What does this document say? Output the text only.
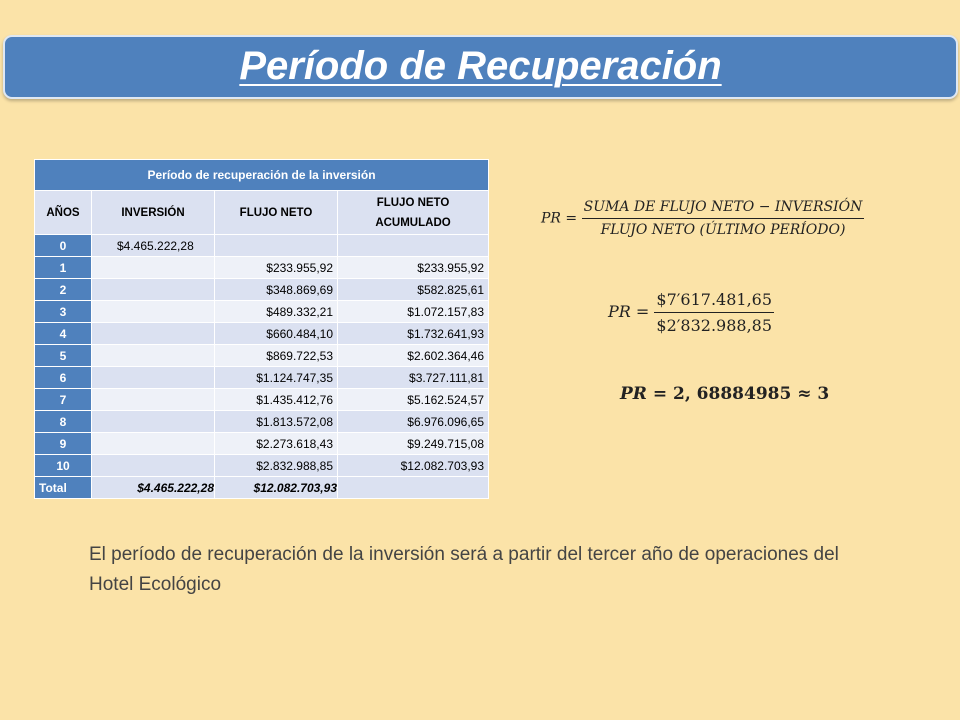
Período de Recuperación
Período de recuperación de la inversión			
AÑOS	INVERSIÓN	FLUJO NETO	FLUJO NETO ACUMULADO
0	$4.465.222,28		
1		$233.955,92	$233.955,92
2		$348.869,69	$582.825,61
3		$489.332,21	$1.072.157,83
4		$660.484,10	$1.732.641,93
5		$869.722,53	$2.602.364,46
6		$1.124.747,35	$3.727.111,81
7		$1.435.412,76	$5.162.524,57
8		$1.813.572,08	$6.976.096,65
9		$2.273.618,43	$9.249.715,08
10		$2.832.988,85	$12.082.703,93
Total	$4.465.222,28	$12.082.703,93	
PR = $\frac{\text{SUMA DE FLUJO NETO − INVERSIÓN}}{\text{FLUJO NETO (ÚLTIMO PERÍODO)}}$
PR = $\frac{\$7'617.481,65}{\$2'832.988,85}$
PR = 2, 68884985 ≈ 3
El período de recuperación de la inversión será a partir del tercer año de operaciones del Hotel Ecológico
